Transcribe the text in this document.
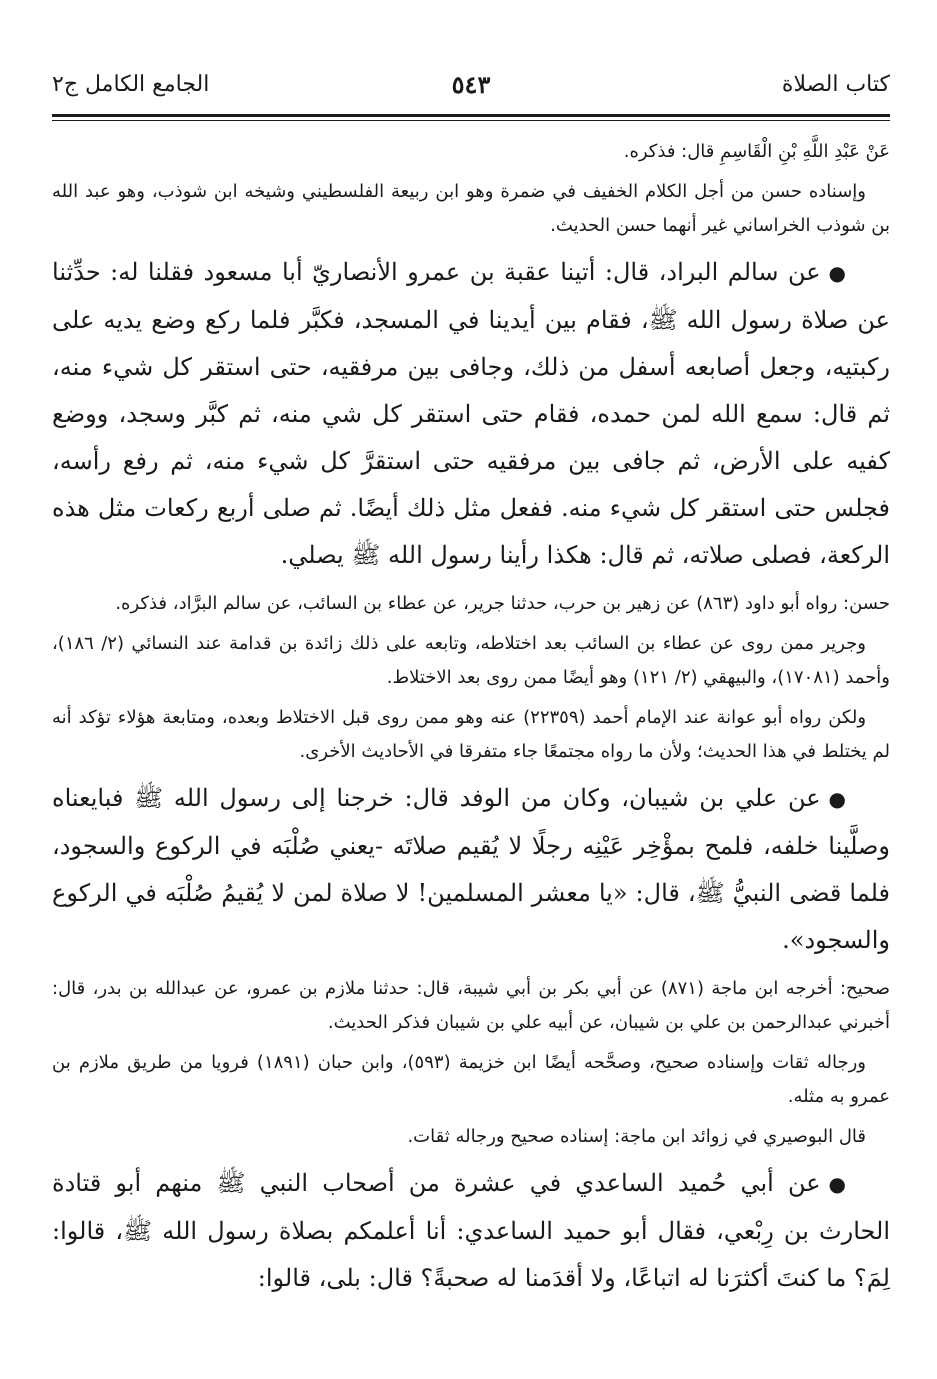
كتاب الصلاة
٥٤٣
الجامع الكامل ج٢

عَنْ عَبْدِ اللَّهِ بْنِ الْقَاسِمِ قال: فذكره.

وإسناده حسن من أجل الكلام الخفيف في ضمرة وهو ابن ربيعة الفلسطيني وشيخه ابن شوذب، وهو عبد الله بن شوذب الخراساني غير أنهما حسن الحديث.

●عن سالم البراد، قال: أتينا عقبة بن عمرو الأنصاريّ أبا مسعود فقلنا له: حدِّثنا عن صلاة رسول الله ﷺ، فقام بين أيدينا في المسجد، فكبَّر فلما ركع وضع يديه على ركبتيه، وجعل أصابعه أسفل من ذلك، وجافى بين مرفقيه، حتى استقر كل شيء منه، ثم قال: سمع الله لمن حمده، فقام حتى استقر كل شي منه، ثم كبَّر وسجد، ووضع كفيه على الأرض، ثم جافى بين مرفقيه حتى استقرَّ كل شيء منه، ثم رفع رأسه، فجلس حتى استقر كل شيء منه. ففعل مثل ذلك أيضًا. ثم صلى أربع ركعات مثل هذه الركعة، فصلى صلاته، ثم قال: هكذا رأينا رسول الله ﷺ يصلي.

حسن: رواه أبو داود (٨٦٣) عن زهير بن حرب، حدثنا جرير، عن عطاء بن السائب، عن سالم البرَّاد، فذكره.

وجرير ممن روى عن عطاء بن السائب بعد اختلاطه، وتابعه على ذلك زائدة بن قدامة عند النسائي (٢/ ١٨٦)، وأحمد (١٧٠٨١)، والبيهقي (٢/ ١٢١) وهو أيضًا ممن روى بعد الاختلاط.

ولكن رواه أبو عوانة عند الإمام أحمد (٢٢٣٥٩) عنه وهو ممن روى قبل الاختلاط وبعده، ومتابعة هؤلاء تؤكد أنه لم يختلط في هذا الحديث؛ ولأن ما رواه مجتمعًا جاء متفرقا في الأحاديث الأخرى.

●عن علي بن شيبان، وكان من الوفد قال: خرجنا إلى رسول الله ﷺ فبايعناه وصلَّينا خلفه، فلمح بمؤْخِر عَيْنِه رجلًا لا يُقيم صلاتَه -يعني صُلْبَه في الركوع والسجود، فلما قضى النبيُّ ﷺ، قال: «يا معشر المسلمين! لا صلاة لمن لا يُقيمُ صُلْبَه في الركوع والسجود».

صحيح: أخرجه ابن ماجة (٨٧١) عن أبي بكر بن أبي شيبة، قال: حدثنا ملازم بن عمرو، عن عبدالله بن بدر، قال: أخبرني عبدالرحمن بن علي بن شيبان، عن أبيه علي بن شيبان فذكر الحديث.

ورجاله ثقات وإسناده صحيح، وصحَّحه أيضًا ابن خزيمة (٥٩٣)، وابن حبان (١٨٩١) فرويا من طريق ملازم بن عمرو به مثله.

قال البوصيري في زوائد ابن ماجة: إسناده صحيح ورجاله ثقات.

●عن أبي حُميد الساعدي في عشرة من أصحاب النبي ﷺ منهم أبو قتادة الحارث بن رِبْعي، فقال أبو حميد الساعدي: أنا أعلمكم بصلاة رسول الله ﷺ، قالوا: لِمَ؟ ما كنتَ أكثرَنا له اتباعًا، ولا أقدَمنا له صحبةً؟ قال: بلى، قالوا:
